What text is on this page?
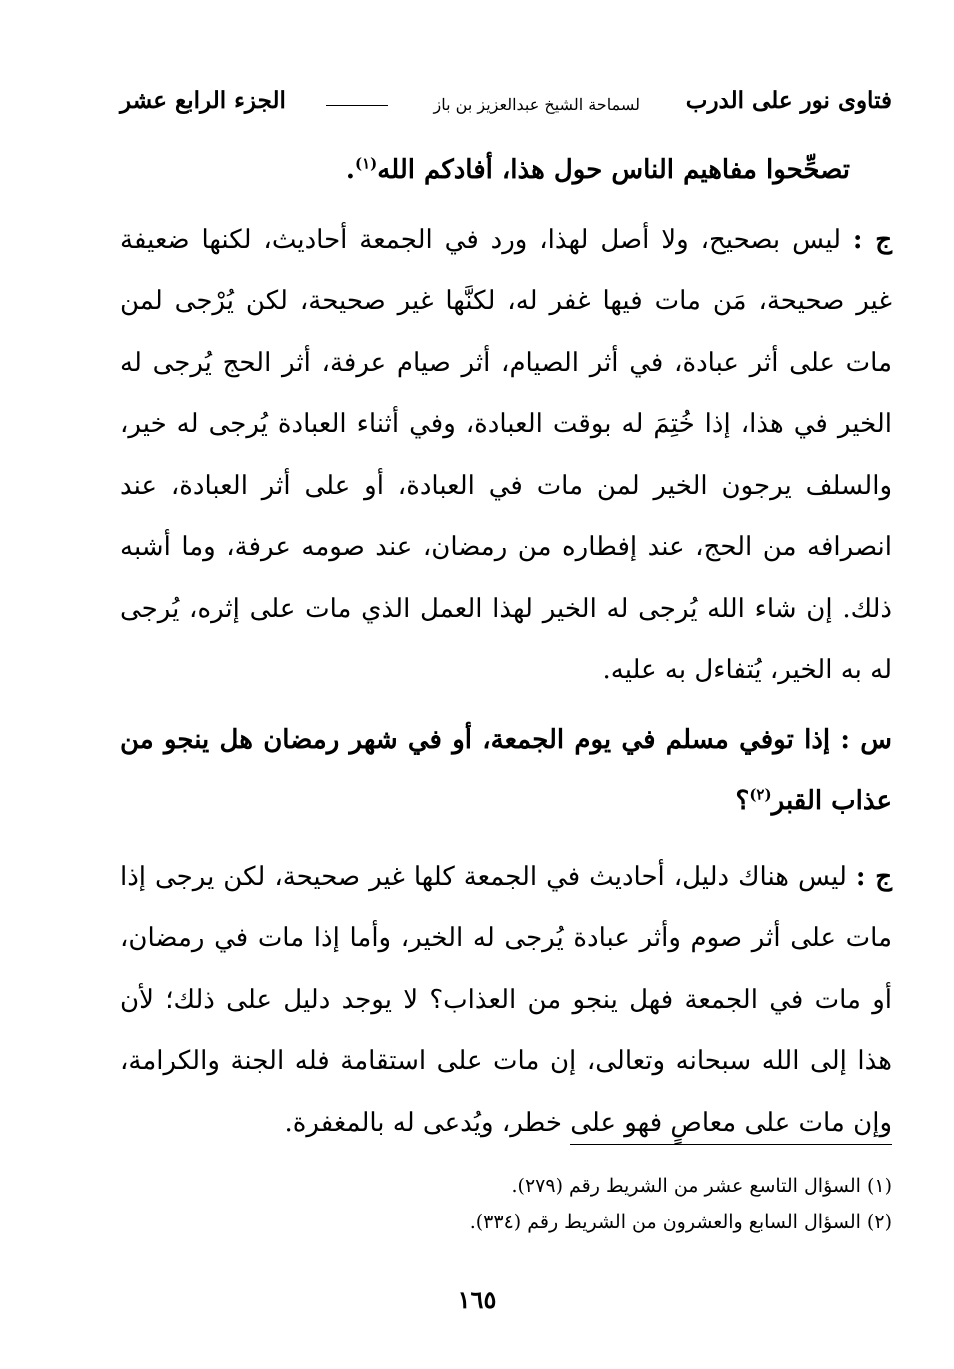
فتاوى نور على الدرب
لسماحة الشيخ عبدالعزيز بن باز
الجزء الرابع عشر

تصحِّحوا مفاهيم الناس حول هذا، أفادكم الله$^{(١)}$.

ج : ليس بصحيح، ولا أصل لهذا، ورد في الجمعة أحاديث، لكنها ضعيفة غير صحيحة، مَن مات فيها غفر له، لكنَّها غير صحيحة، لكن يُرْجى لمن مات على أثر عبادة، في أثر الصيام، أثر صيام عرفة، أثر الحج يُرجى له الخير في هذا، إذا خُتِمَ له بوقت العبادة، وفي أثناء العبادة يُرجى له خير، والسلف يرجون الخير لمن مات في العبادة، أو على أثر العبادة، عند انصرافه من الحج، عند إفطاره من رمضان، عند صومه عرفة، وما أشبه ذلك. إن شاء الله يُرجى له الخير لهذا العمل الذي مات على إثره، يُرجى له به الخير، يُتفاءل به عليه.

س : إذا توفي مسلم في يوم الجمعة، أو في شهر رمضان هل ينجو من عذاب القبر$^{(٢)}$؟

ج : ليس هناك دليل، أحاديث في الجمعة كلها غير صحيحة، لكن يرجى إذا مات على أثر صوم وأثر عبادة يُرجى له الخير، وأما إذا مات في رمضان، أو مات في الجمعة فهل ينجو من العذاب؟ لا يوجد دليل على ذلك؛ لأن هذا إلى الله سبحانه وتعالى، إن مات على استقامة فله الجنة والكرامة، وإن مات على معاصٍ فهو على خطر، ويُدعى له بالمغفرة.

(١) السؤال التاسع عشر من الشريط رقم (٢٧٩).

(٢) السؤال السابع والعشرون من الشريط رقم (٣٣٤).

١٦٥
